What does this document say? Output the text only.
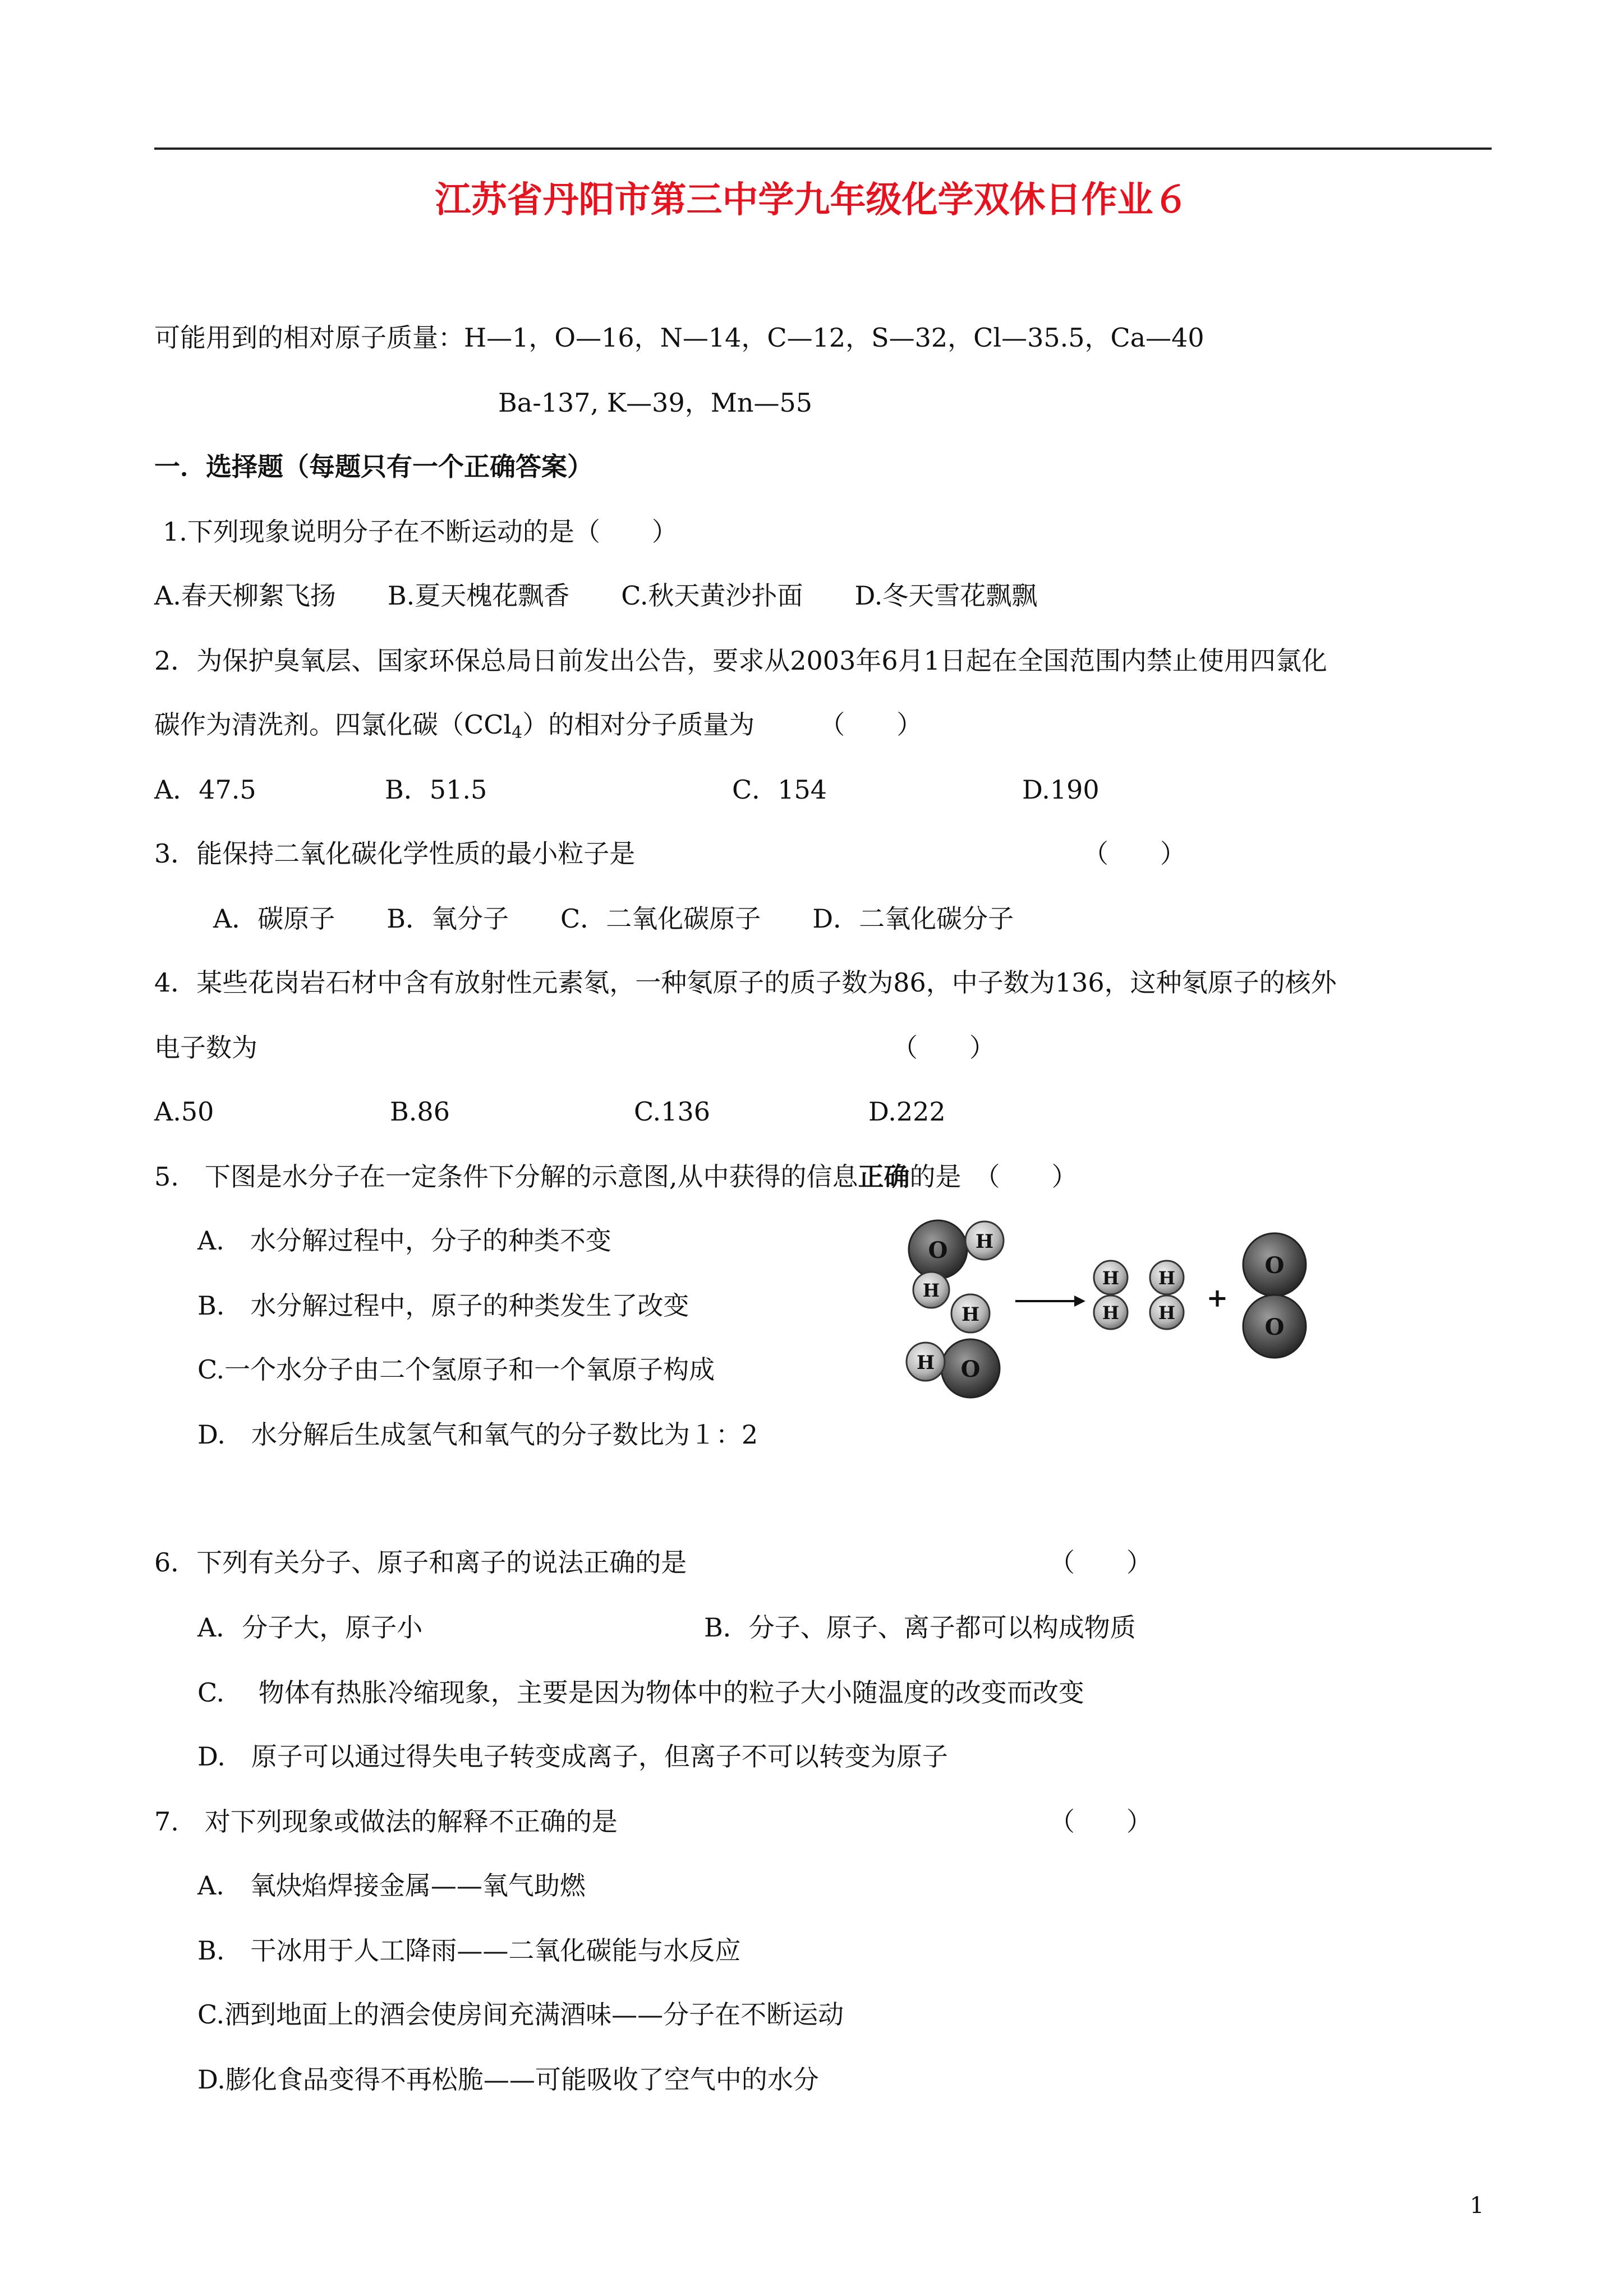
江苏省丹阳市第三中学九年级化学双休日作业６
可能用到的相对原子质量：H—1，O—16，N—14，C—12，S—32，Cl—35.5，Ca—40
Ba-137, K—39，Mn—55
一．选择题（每题只有一个正确答案）
1.下列现象说明分子在不断运动的是（　　）
A.春天柳絮飞扬　　B.夏天槐花飘香　　C.秋天黄沙扑面　　D.冬天雪花飘飘
2．为保护臭氧层、国家环保总局日前发出公告，要求从2003年6月1日起在全国范围内禁止使用四氯化
碳作为清洗剂。四氯化碳（CCl$_4$）的相对分子质量为　　　（　　）
A．47.5	B．51.5	C．154	D.190
3．能保持二氧化碳化学性质的最小粒子是	（　　）
A．碳原子　　B．氧分子　　C．二氧化碳原子　　D．二氧化碳分子
4．某些花岗岩石材中含有放射性元素氡，一种氡原子的质子数为86，中子数为136，这种氡原子的核外
电子数为	（　　）
A.50	B.86	C.136	D.222
5.　下图是水分子在一定条件下分解的示意图,从中获得的信息正确的是　（　　）
A.　水分解过程中，分子的种类不变
B.　水分解过程中，原子的种类发生了改变
C.一个水分子由二个氢原子和一个氧原子构成
D.　水分解后生成氢气和氧气的分子数比为１：2
O H
H
H
O
H
H
H
H
H +
O
O
6．下列有关分子、原子和离子的说法正确的是	（　　）
A．分子大，原子小	B．分子、原子、离子都可以构成物质
C.　 物体有热胀冷缩现象，主要是因为物体中的粒子大小随温度的改变而改变
D.　原子可以通过得失电子转变成离子，但离子不可以转变为原子
7.　对下列现象或做法的解释不正确的是	（　　）
A.　氧炔焰焊接金属——氧气助燃
B.　干冰用于人工降雨——二氧化碳能与水反应
C.洒到地面上的酒会使房间充满酒味——分子在不断运动
D.膨化食品变得不再松脆——可能吸收了空气中的水分
1
